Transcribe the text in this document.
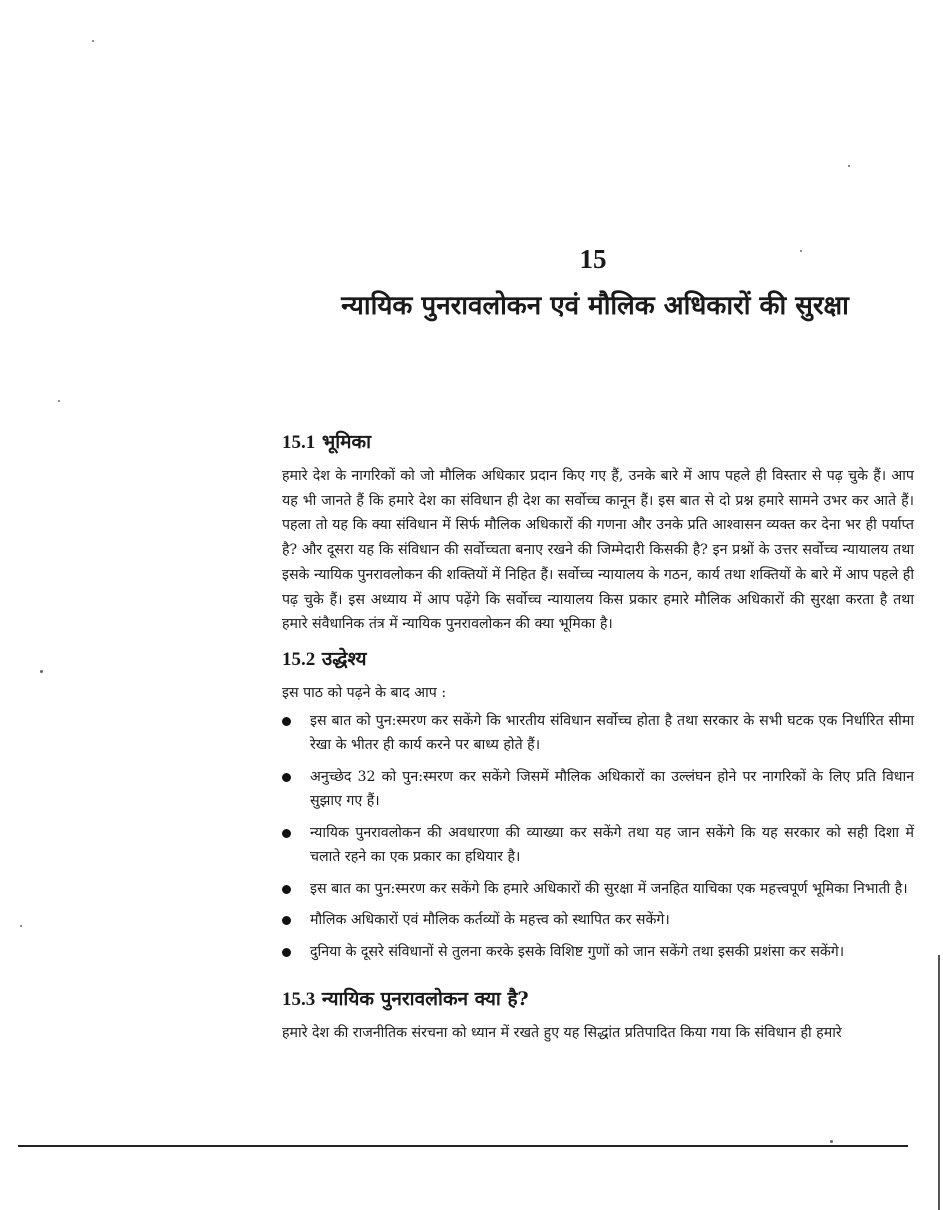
15
न्यायिक पुनरावलोकन एवं मौलिक अधिकारों की सुरक्षा
15.1 भूमिका

हमारे देश के नागरिकों को जो मौलिक अधिकार प्रदान किए गए हैं, उनके बारे में आप पहले ही विस्तार से पढ़ चुके हैं। आप यह भी जानते हैं कि हमारे देश का संविधान ही देश का सर्वोच्च कानून हैं। इस बात से दो प्रश्न हमारे सामने उभर कर आते हैं। पहला तो यह कि क्या संविधान में सिर्फ मौलिक अधिकारों की गणना और उनके प्रति आश्वासन व्यक्त कर देना भर ही पर्याप्त है? और दूसरा यह कि संविधान की सर्वोच्चता बनाए रखने की जिम्मेदारी किसकी है? इन प्रश्नों के उत्तर सर्वोच्च न्यायालय तथा इसके न्यायिक पुनरावलोकन की शक्तियों में निहित हैं। सर्वोच्च न्यायालय के गठन, कार्य तथा शक्तियों के बारे में आप पहले ही पढ़ चुके हैं। इस अध्याय में आप पढ़ेंगे कि सर्वोच्च न्यायालय किस प्रकार हमारे मौलिक अधिकारों की सुरक्षा करता है तथा हमारे संवैधानिक तंत्र में न्यायिक पुनरावलोकन की क्या भूमिका है।

15.2 उद्धेश्य
इस पाठ को पढ़ने के बाद आप :
इस बात को पुन:स्मरण कर सकेंगे कि भारतीय संविधान सर्वोच्च होता है तथा सरकार के सभी घटक एक निर्धारित सीमा रेखा के भीतर ही कार्य करने पर बाध्य होते हैं।
अनुच्छेद 32 को पुन:स्मरण कर सकेंगे जिसमें मौलिक अधिकारों का उल्लंघन होने पर नागरिकों के लिए प्रति विधान सुझाए गए हैं।
न्यायिक पुनरावलोकन की अवधारणा की व्याख्या कर सकेंगे तथा यह जान सकेंगे कि यह सरकार को सही दिशा में चलाते रहने का एक प्रकार का हथियार है।
इस बात का पुन:स्मरण कर सकेंगे कि हमारे अधिकारों की सुरक्षा में जनहित याचिका एक महत्त्वपूर्ण भूमिका निभाती है।
मौलिक अधिकारों एवं मौलिक कर्तव्यों के महत्त्व को स्थापित कर सकेंगे।
दुनिया के दूसरे संविधानों से तुलना करके इसके विशिष्ट गुणों को जान सकेंगे तथा इसकी प्रशंसा कर सकेंगे।
15.3 न्यायिक पुनरावलोकन क्या है?

हमारे देश की राजनीतिक संरचना को ध्यान में रखते हुए यह सिद्धांत प्रतिपादित किया गया कि संविधान ही हमारे
